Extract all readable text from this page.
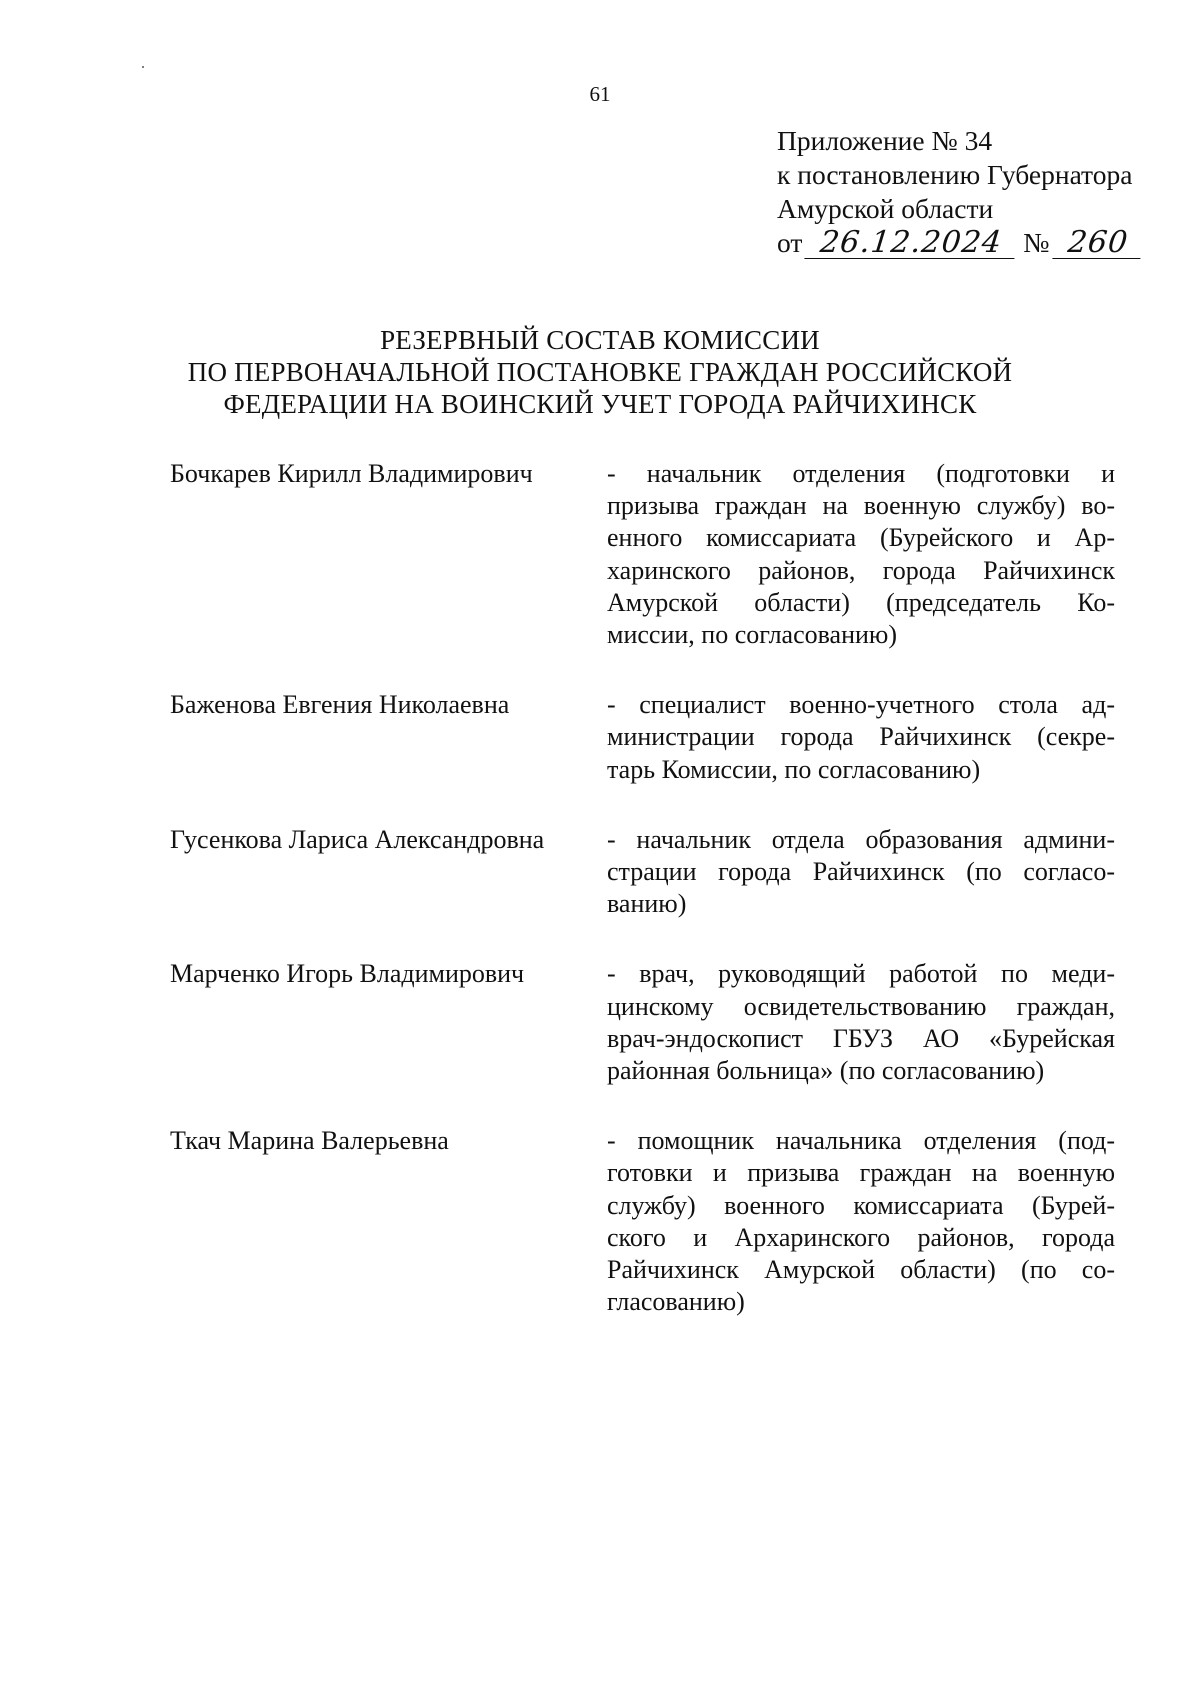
61
Приложение № 34
к постановлению Губернатора
Амурской области
от 26.12.2024 № 260
РЕЗЕРВНЫЙ СОСТАВ КОМИССИИ
ПО ПЕРВОНАЧАЛЬНОЙ ПОСТАНОВКЕ ГРАЖДАН РОССИЙСКОЙ
ФЕДЕРАЦИИ НА ВОИНСКИЙ УЧЕТ ГОРОДА РАЙЧИХИНСК
Бочкарев Кирилл Владимирович	- начальник отделения (подготовки и
призыва граждан на военную службу) во-
енного комиссариата (Бурейского и Ар-
харинского районов, города Райчихинск
Амурской области) (председатель Ко-
миссии, по согласованию)
Баженова Евгения Николаевна	- специалист военно-учетного стола ад-
министрации города Райчихинск (секре-
тарь Комиссии, по согласованию)
Гусенкова Лариса Александровна	- начальник отдела образования админи-
страции города Райчихинск (по согласо-
ванию)
Марченко Игорь Владимирович	- врач, руководящий работой по меди-
цинскому освидетельствованию граждан,
врач-эндоскопист ГБУЗ АО «Бурейская
районная больница» (по согласованию)
Ткач Марина Валерьевна	- помощник начальника отделения (под-
готовки и призыва граждан на военную
службу) военного комиссариата (Бурей-
ского и Архаринского районов, города
Райчихинск Амурской области) (по со-
гласованию)
